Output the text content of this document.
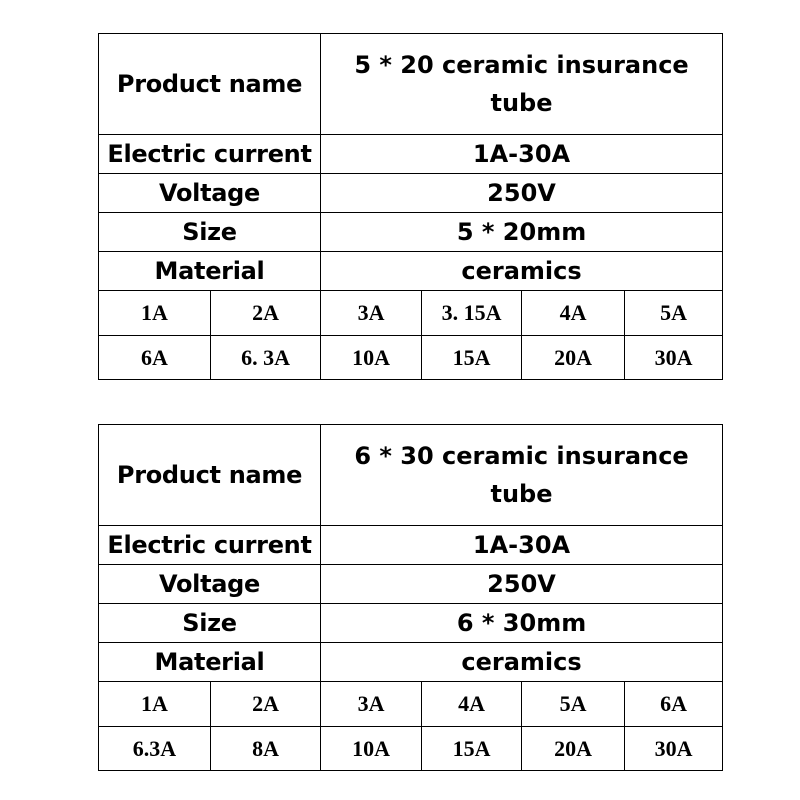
Product name		5 * 20 ceramic insurance tube			
Electric current		1A-30A			
Voltage		250V			
Size		5 * 20mm			
Material		ceramics			
1A	2A	3A	3. 15A	4A	5A
6A	6. 3A	10A	15A	20A	30A
Product name		6 * 30 ceramic insurance tube			
Electric current		1A-30A			
Voltage		250V			
Size		6 * 30mm			
Material		ceramics			
1A	2A	3A	4A	5A	6A
6.3A	8A	10A	15A	20A	30A
